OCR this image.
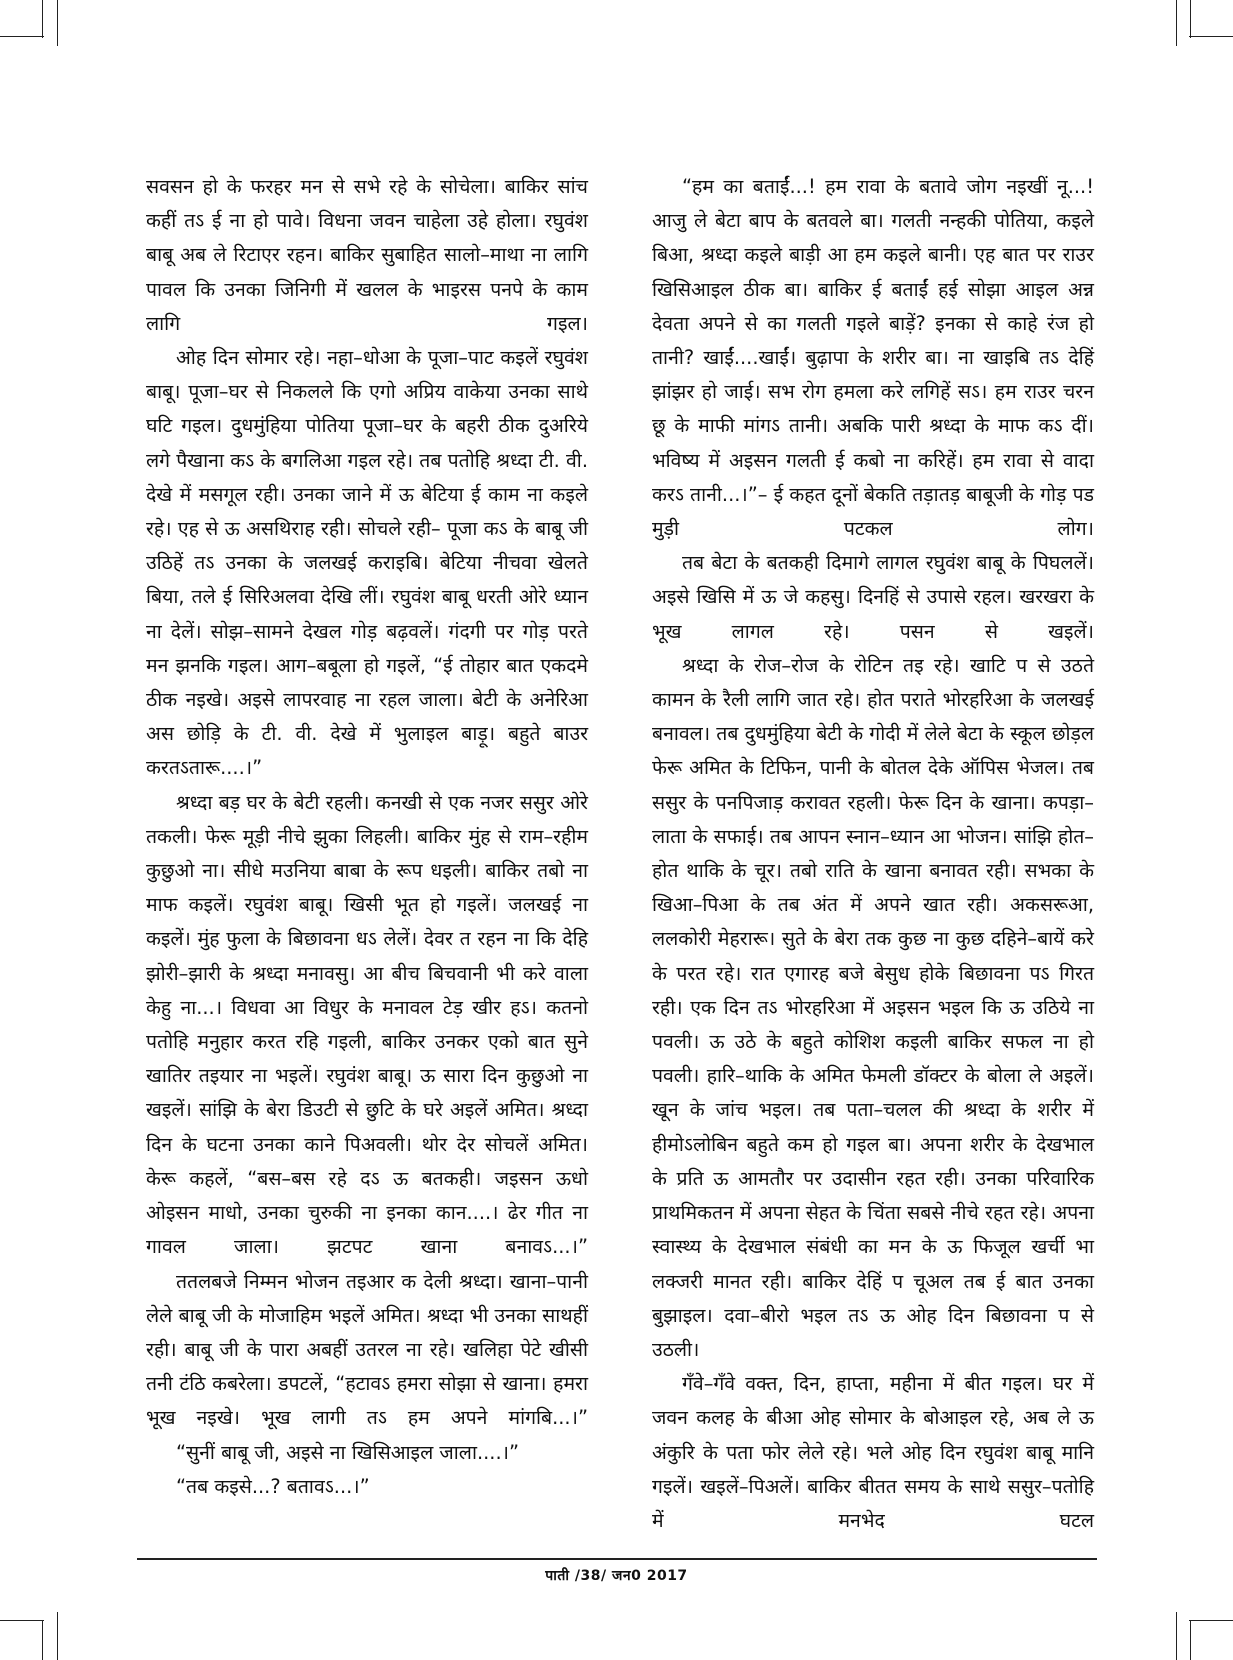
सवसन हो के फरहर मन से सभे रहे के सोचेला। बाकिर सांच कहीं तऽ ई ना हो पावे। विधना जवन चाहेला उहे होला। रघुवंश बाबू अब ले रिटाएर रहन। बाकिर सुबाहित सालो–माथा ना लागि पावल कि उनका जिनिगी में खलल के भाइरस पनपे के काम लागि गइल।

ओह दिन सोमार रहे। नहा–धोआ के पूजा–पाट कइलें रघुवंश बाबू। पूजा–घर से निकलले कि एगो अप्रिय वाकेया उनका साथे घटि गइल। दुधमुंहिया पोतिया पूजा–घर के बहरी ठीक दुअरिये लगे पैखाना कऽ के बगलिआ गइल रहे। तब पतोहि श्रध्दा टी. वी. देखे में मसगूल रही। उनका जाने में ऊ बेटिया ई काम ना कइले रहे। एह से ऊ असथिराह रही। सोचले रही– पूजा कऽ के बाबू जी उठिहें तऽ उनका के जलखई कराइबि। बेटिया नीचवा खेलते बिया, तले ई सिरिअलवा देखि लीं। रघुवंश बाबू धरती ओरे ध्यान ना देलें। सोझ–सामने देखल गोड़ बढ़वलें। गंदगी पर गोड़ परते मन झनकि गइल। आग–बबूला हो गइलें, “ई तोहार बात एकदमे ठीक नइखे। अइसे लापरवाह ना रहल जाला। बेटी के अनेरिआ अस छोड़ि के टी. वी. देखे में भुलाइल बाड़ू। बहुते बाउर करतऽतारू....।”

श्रध्दा बड़ घर के बेटी रहली। कनखी से एक नजर ससुर ओरे तकली। फेरू मूड़ी नीचे झुका लिहली। बाकिर मुंह से राम–रहीम कुछुओ ना। सीधे मउनिया बाबा के रूप धइली। बाकिर तबो ना माफ कइलें। रघुवंश बाबू। खिसी भूत हो गइलें। जलखई ना कइलें। मुंह फुला के बिछावना धऽ लेलें। देवर त रहन ना कि देहि झोरी–झारी के श्रध्दा मनावसु। आ बीच बिचवानी भी करे वाला केहु ना...। विधवा आ विधुर के मनावल टेड़ खीर हऽ। कतनो पतोहि मनुहार करत रहि गइली, बाकिर उनकर एको बात सुने खातिर तइयार ना भइलें। रघुवंश बाबू। ऊ सारा दिन कुछुओ ना खइलें। सांझि के बेरा डिउटी से छुटि के घरे अइलें अमित। श्रध्दा दिन के घटना उनका काने पिअवली। थोर देर सोचलें अमित। केरू कहलें, “बस–बस रहे दऽ ऊ बतकही। जइसन ऊधो ओइसन माधो, उनका चुरुकी ना इनका कान....। ढेर गीत ना गावल जाला। झटपट खाना बनावऽ...।”

ततलबजे निम्मन भोजन तइआर क देली श्रध्दा। खाना–पानी लेले बाबू जी के मोजाहिम भइलें अमित। श्रध्दा भी उनका साथहीं रही। बाबू जी के पारा अबहीं उतरल ना रहे। खलिहा पेटे खीसी तनी टंठि कबरेला। डपटलें, “हटावऽ हमरा सोझा से खाना। हमरा भूख नइखे। भूख लागी तऽ हम अपने मांगबि...।”

“सुनीं बाबू जी, अइसे ना खिसिआइल जाला....।”

“तब कइसे...? बतावऽ...।”

“हम का बताईं...! हम रावा के बतावे जोग नइखीं नू...! आजु ले बेटा बाप के बतवले बा। गलती नन्हकी पोतिया, कइले बिआ, श्रध्दा कइले बाड़ी आ हम कइले बानी। एह बात पर राउर खिसिआइल ठीक बा। बाकिर ई बताईं हई सोझा आइल अन्न देवता अपने से का गलती गइले बाड़ें? इनका से काहे रंज हो तानी? खाईं....खाईं। बुढ़ापा के शरीर बा। ना खाइबि तऽ देहिं झांझर हो जाई। सभ रोग हमला करे लगिहें सऽ। हम राउर चरन छू के माफी मांगऽ तानी। अबकि पारी श्रध्दा के माफ कऽ दीं। भविष्य में अइसन गलती ई कबो ना करिहें। हम रावा से वादा करऽ तानी...।”– ई कहत दूनों बेकति तड़ातड़ बाबूजी के गोड़ पड मुड़ी पटकल लोग।

तब बेटा के बतकही दिमागे लागल रघुवंश बाबू के पिघललें। अइसे खिसि में ऊ जे कहसु। दिनहिं से उपासे रहल। खरखरा के भूख लागल रहे। पसन से खइलें।

श्रध्दा के रोज–रोज के रोटिन तइ रहे। खाटि प से उठते कामन के रैली लागि जात रहे। होत पराते भोरहरिआ के जलखई बनावल। तब दुधमुंहिया बेटी के गोदी में लेले बेटा के स्कूल छोड़ल फेरू अमित के टिफिन, पानी के बोतल देके ऑपिस भेजल। तब ससुर के पनपिजाड़ करावत रहली। फेरू दिन के खाना। कपड़ा–लाता के सफाई। तब आपन स्नान–ध्यान आ भोजन। सांझि होत–होत थाकि के चूर। तबो राति के खाना बनावत रही। सभका के खिआ–पिआ के तब अंत में अपने खात रही। अकसरूआ, ललकोरी मेहरारू। सुते के बेरा तक कुछ ना कुछ दहिने–बायें करे के परत रहे। रात एगारह बजे बेसुध होके बिछावना पऽ गिरत रही। एक दिन तऽ भोरहरिआ में अइसन भइल कि ऊ उठिये ना पवली। ऊ उठे के बहुते कोशिश कइली बाकिर सफल ना हो पवली। हारि–थाकि के अमित फेमली डॉक्टर के बोला ले अइलें। खून के जांच भइल। तब पता–चलल की श्रध्दा के शरीर में हीमोऽलोबिन बहुते कम हो गइल बा। अपना शरीर के देखभाल के प्रति ऊ आमतौर पर उदासीन रहत रही। उनका परिवारिक प्राथमिकतन में अपना सेहत के चिंता सबसे नीचे रहत रहे। अपना स्वास्थ्य के देखभाल संबंधी का मन के ऊ फिजूल खर्ची भा लक्जरी मानत रही। बाकिर देहिं प चूअल तब ई बात उनका बुझाइल। दवा–बीरो भइल तऽ ऊ ओह दिन बिछावना प से उठली।

गँवे–गँवे वक्त, दिन, हाप्ता, महीना में बीत गइल। घर में जवन कलह के बीआ ओह सोमार के बोआइल रहे, अब ले ऊ अंकुरि के पता फोर लेले रहे। भले ओह दिन रघुवंश बाबू मानि गइलें। खइलें–पिअलें। बाकिर बीतत समय के साथे ससुर–पतोहि में मनभेद घटल

पाती /38/ जन0 2017
